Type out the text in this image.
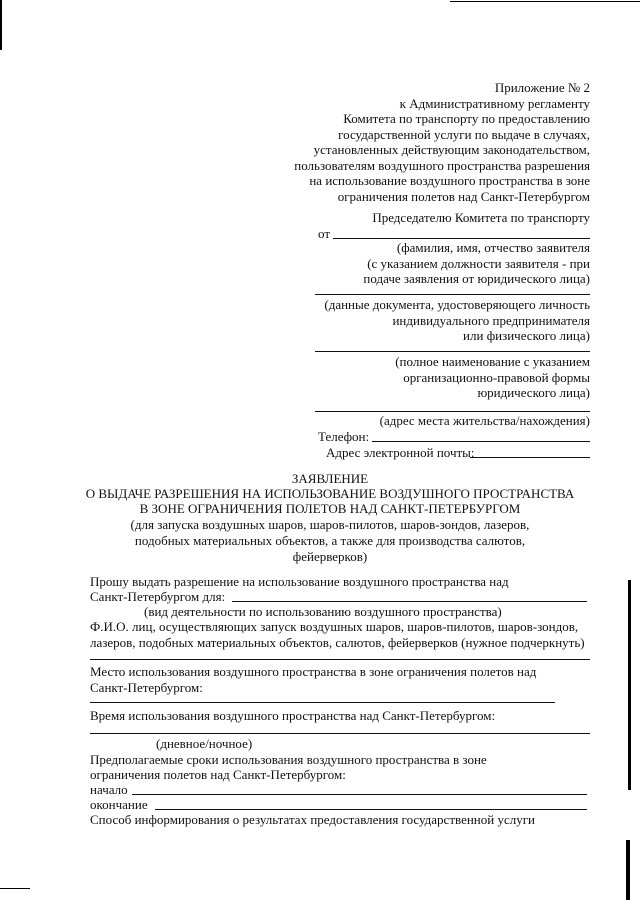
Приложение № 2
к Административному регламенту
Комитета по транспорту по предоставлению
государственной услуги по выдаче в случаях,
установленных действующим законодательством,
пользователям воздушного пространства разрешения
на использование воздушного пространства в зоне
ограничения полетов над Санкт-Петербургом
Председателю Комитета по транспорту
от
(фамилия, имя, отчество заявителя
(с указанием должности заявителя - при
подаче заявления от юридического лица)
(данные документа, удостоверяющего личность
индивидуального предпринимателя
или физического лица)
(полное наименование с указанием
организационно-правовой формы
юридического лица)
(адрес места жительства/нахождения)
Телефон:
Адрес электронной почты:
ЗАЯВЛЕНИЕ
О ВЫДАЧЕ РАЗРЕШЕНИЯ НА ИСПОЛЬЗОВАНИЕ ВОЗДУШНОГО ПРОСТРАНСТВА
В ЗОНЕ ОГРАНИЧЕНИЯ ПОЛЕТОВ НАД САНКТ-ПЕТЕРБУРГОМ
(для запуска воздушных шаров, шаров-пилотов, шаров-зондов, лазеров,
подобных материальных объектов, а также для производства салютов,
фейерверков)
Прошу выдать разрешение на использование воздушного пространства над
Санкт-Петербургом для:
(вид деятельности по использованию воздушного пространства)
Ф.И.О. лиц, осуществляющих запуск воздушных шаров, шаров-пилотов, шаров-зондов,
лазеров, подобных материальных объектов, салютов, фейерверков (нужное подчеркнуть)
Место использования воздушного пространства в зоне ограничения полетов над
Санкт-Петербургом:
Время использования воздушного пространства над Санкт-Петербургом:
(дневное/ночное)
Предполагаемые сроки использования воздушного пространства в зоне
ограничения полетов над Санкт-Петербургом:
начало
окончание
Способ информирования о результатах предоставления государственной услуги
